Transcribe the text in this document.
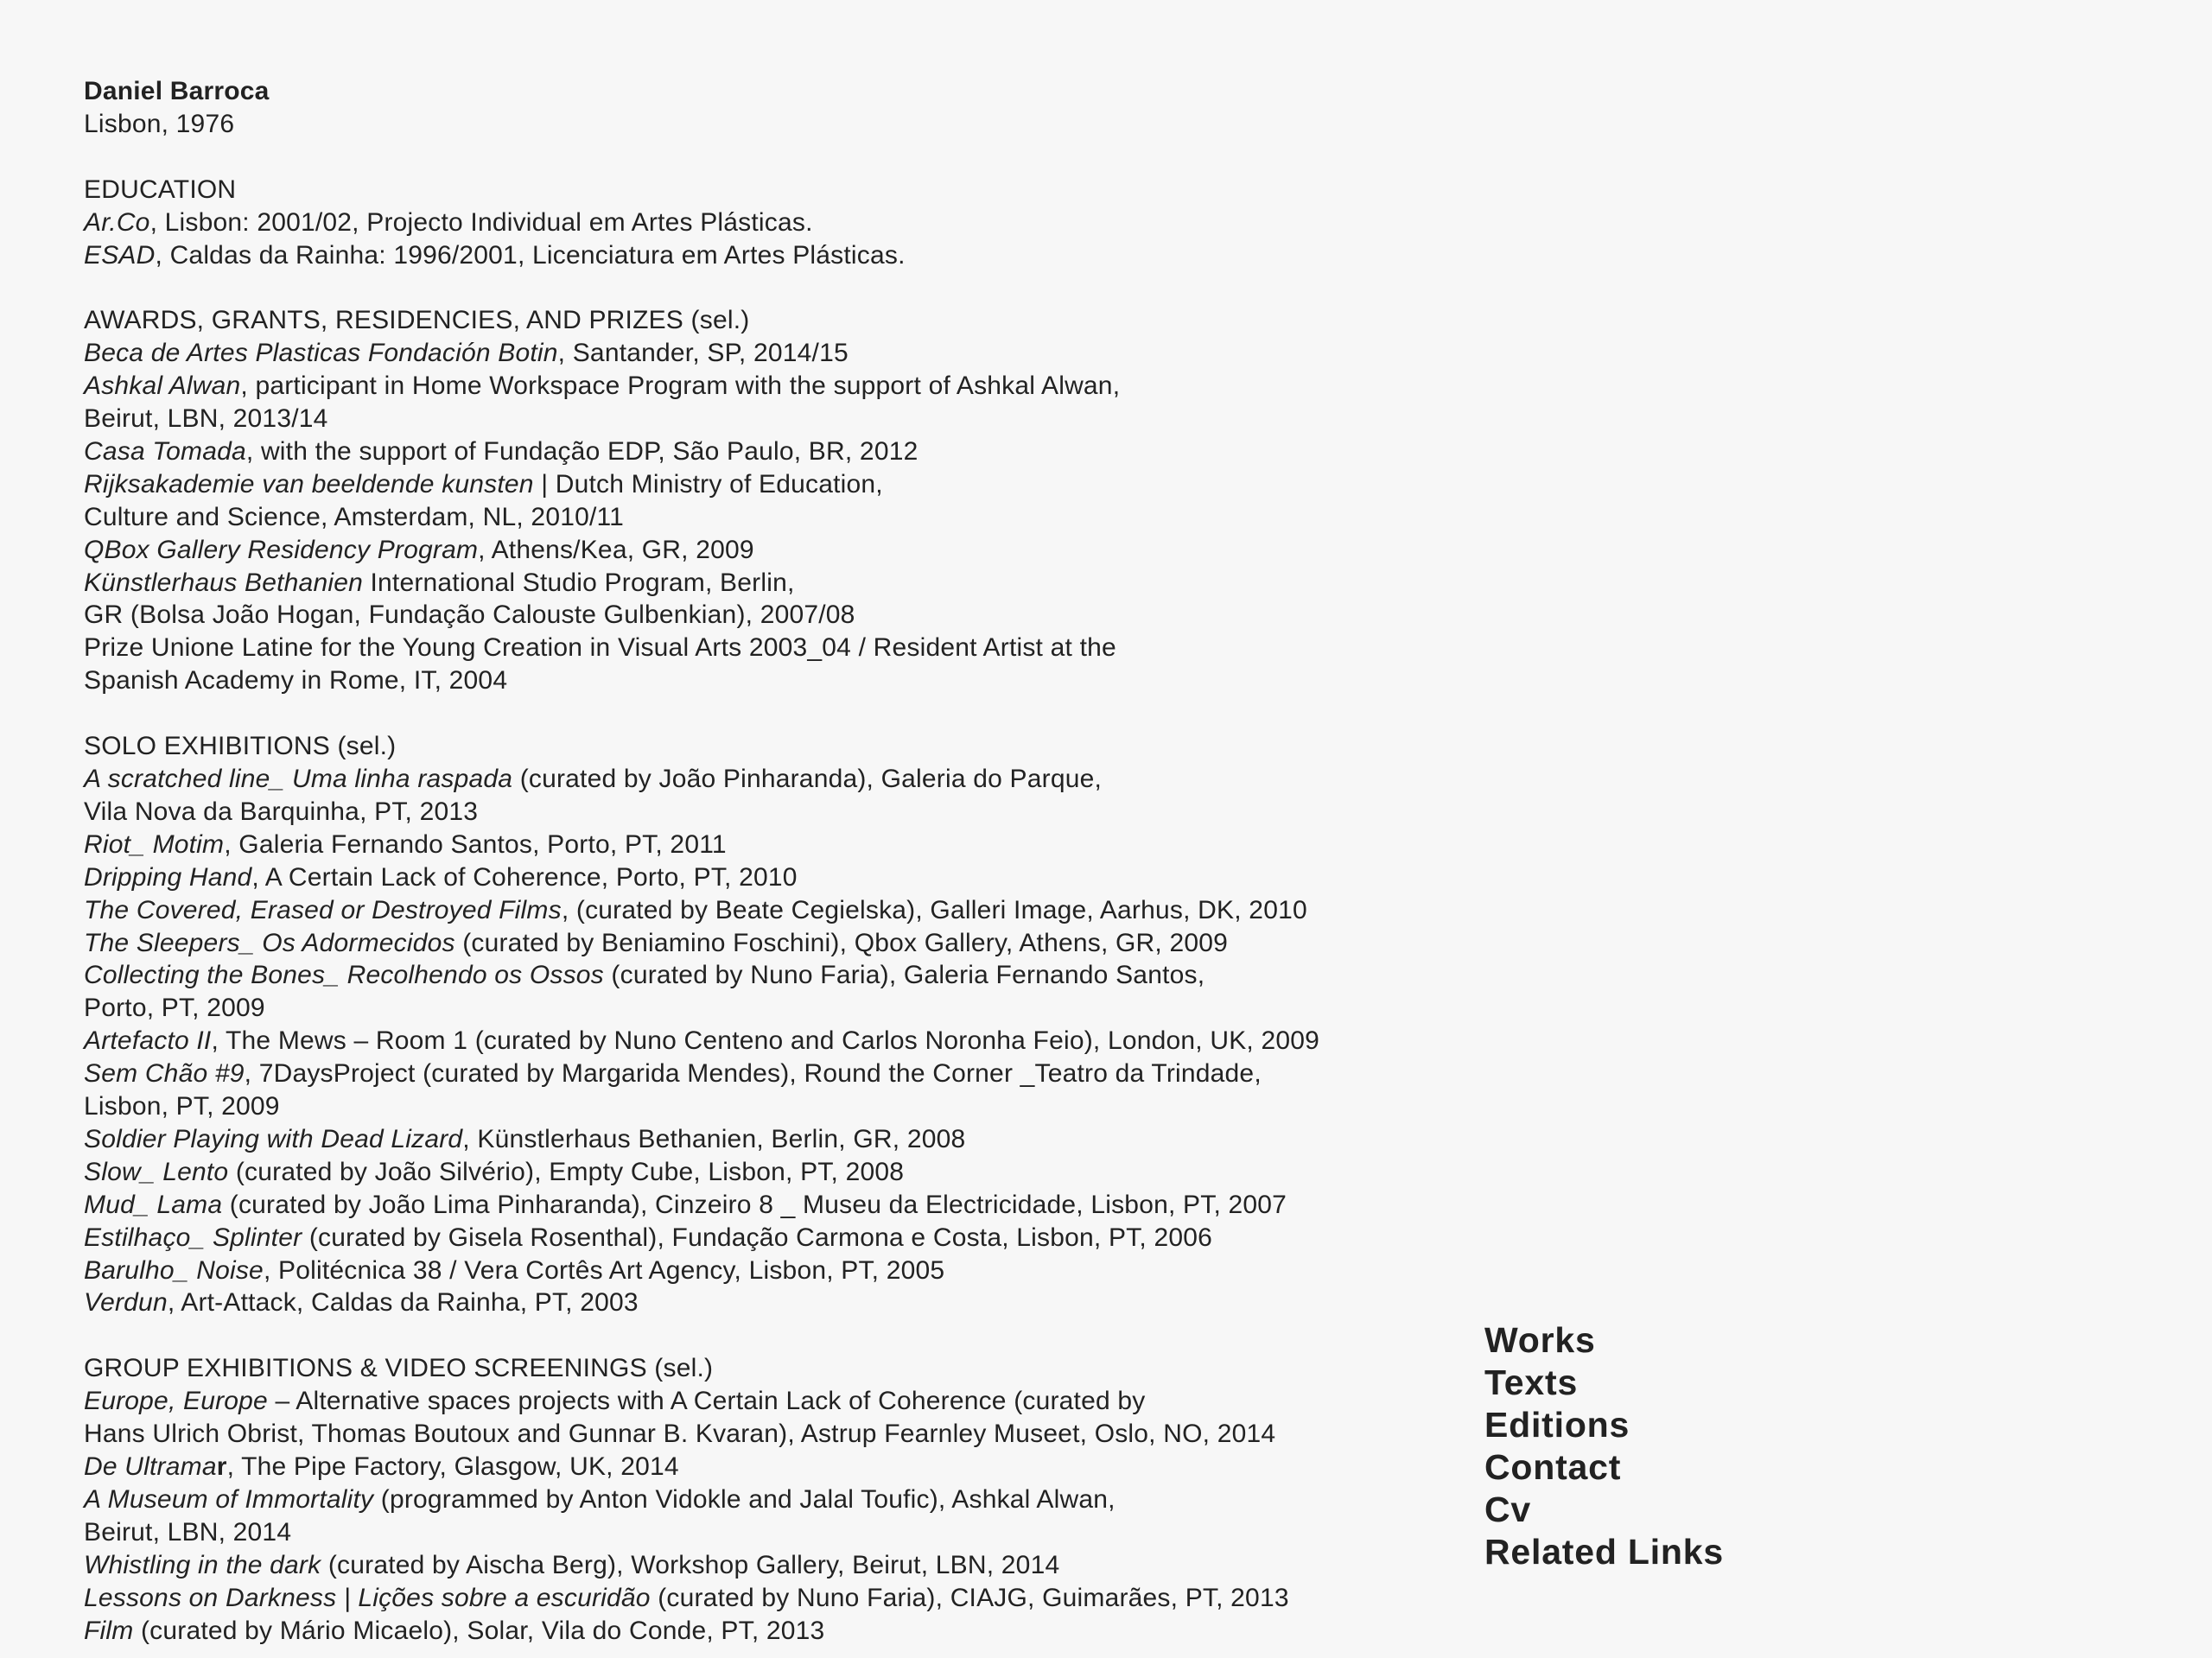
Daniel Barroca
Lisbon, 1976
EDUCATION
Ar.Co, Lisbon: 2001/02, Projecto Individual em Artes Plásticas.
ESAD, Caldas da Rainha: 1996/2001, Licenciatura em Artes Plásticas.
AWARDS, GRANTS, RESIDENCIES, AND PRIZES (sel.)
Beca de Artes Plasticas Fondación Botin, Santander, SP, 2014/15
Ashkal Alwan, participant in Home Workspace Program with the support of Ashkal Alwan,
Beirut, LBN, 2013/14
Casa Tomada, with the support of Fundação EDP, São Paulo, BR, 2012
Rijksakademie van beeldende kunsten | Dutch Ministry of Education,
Culture and Science, Amsterdam, NL, 2010/11
QBox Gallery Residency Program, Athens/Kea, GR, 2009
Künstlerhaus Bethanien International Studio Program, Berlin,
GR (Bolsa João Hogan, Fundação Calouste Gulbenkian), 2007/08
Prize Unione Latine for the Young Creation in Visual Arts 2003_04 / Resident Artist at the
Spanish Academy in Rome, IT, 2004
SOLO EXHIBITIONS (sel.)
A scratched line_ Uma linha raspada (curated by João Pinharanda), Galeria do Parque,
Vila Nova da Barquinha, PT, 2013
Riot_ Motim, Galeria Fernando Santos, Porto, PT, 2011
Dripping Hand, A Certain Lack of Coherence, Porto, PT, 2010
The Covered, Erased or Destroyed Films, (curated by Beate Cegielska), Galleri Image, Aarhus, DK, 2010
The Sleepers_ Os Adormecidos (curated by Beniamino Foschini), Qbox Gallery, Athens, GR, 2009
Collecting the Bones_ Recolhendo os Ossos (curated by Nuno Faria), Galeria Fernando Santos,
Porto, PT, 2009
Artefacto II, The Mews – Room 1 (curated by Nuno Centeno and Carlos Noronha Feio), London, UK, 2009
Sem Chão #9, 7DaysProject (curated by Margarida Mendes), Round the Corner _Teatro da Trindade,
Lisbon, PT, 2009
Soldier Playing with Dead Lizard, Künstlerhaus Bethanien, Berlin, GR, 2008
Slow_ Lento (curated by João Silvério), Empty Cube, Lisbon, PT, 2008
Mud_ Lama (curated by João Lima Pinharanda), Cinzeiro 8 _ Museu da Electricidade, Lisbon, PT, 2007
Estilhaço_ Splinter (curated by Gisela Rosenthal), Fundação Carmona e Costa, Lisbon, PT, 2006
Barulho_ Noise, Politécnica 38 / Vera Cortês Art Agency, Lisbon, PT, 2005
Verdun, Art-Attack, Caldas da Rainha, PT, 2003
GROUP EXHIBITIONS & VIDEO SCREENINGS (sel.)
Europe, Europe – Alternative spaces projects with A Certain Lack of Coherence (curated by
Hans Ulrich Obrist, Thomas Boutoux and Gunnar B. Kvaran), Astrup Fearnley Museet, Oslo, NO, 2014
De Ultramar, The Pipe Factory, Glasgow, UK, 2014
A Museum of Immortality (programmed by Anton Vidokle and Jalal Toufic), Ashkal Alwan,
Beirut, LBN, 2014
Whistling in the dark (curated by Aischa Berg), Workshop Gallery, Beirut, LBN, 2014
Lessons on Darkness | Lições sobre a escuridão (curated by Nuno Faria), CIAJG, Guimarães, PT, 2013
Film (curated by Mário Micaelo), Solar, Vila do Conde, PT, 2013
Works
Texts
Editions
Contact
Cv
Related Links
